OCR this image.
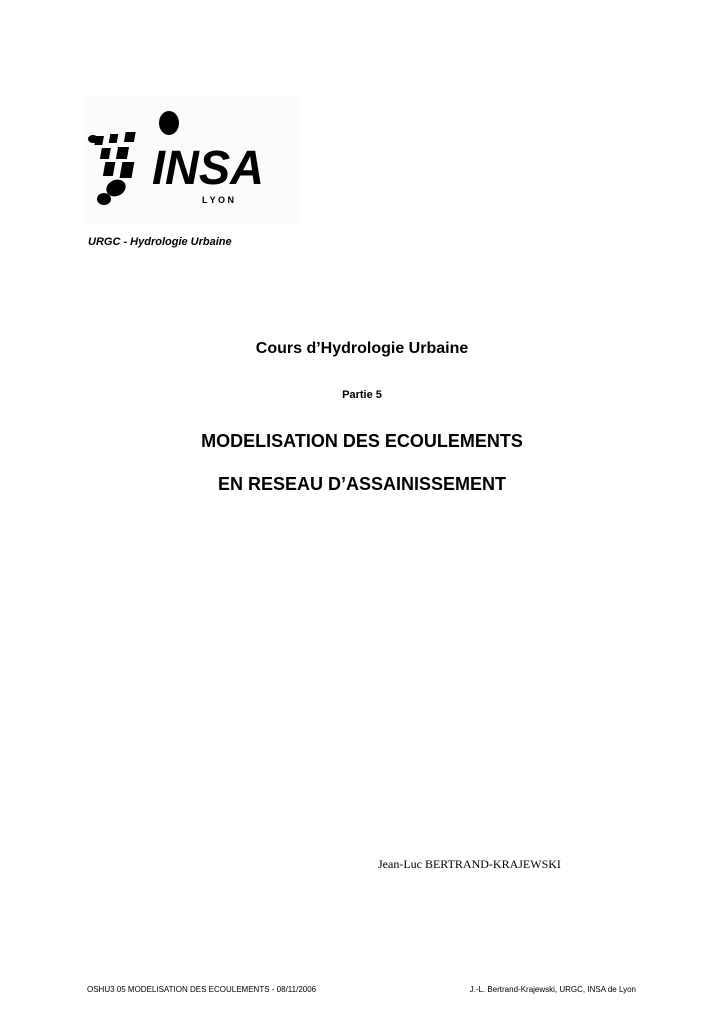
INSA
L Y O N
URGC - Hydrologie Urbaine
Cours d’Hydrologie Urbaine
Partie 5
MODELISATION DES ECOULEMENTS
EN RESEAU D’ASSAINISSEMENT
Jean-Luc BERTRAND-KRAJEWSKI
OSHU3 05 MODELISATION DES ECOULEMENTS - 08/11/2006	J.-L. Bertrand-Krajewski, URGC, INSA de Lyon
